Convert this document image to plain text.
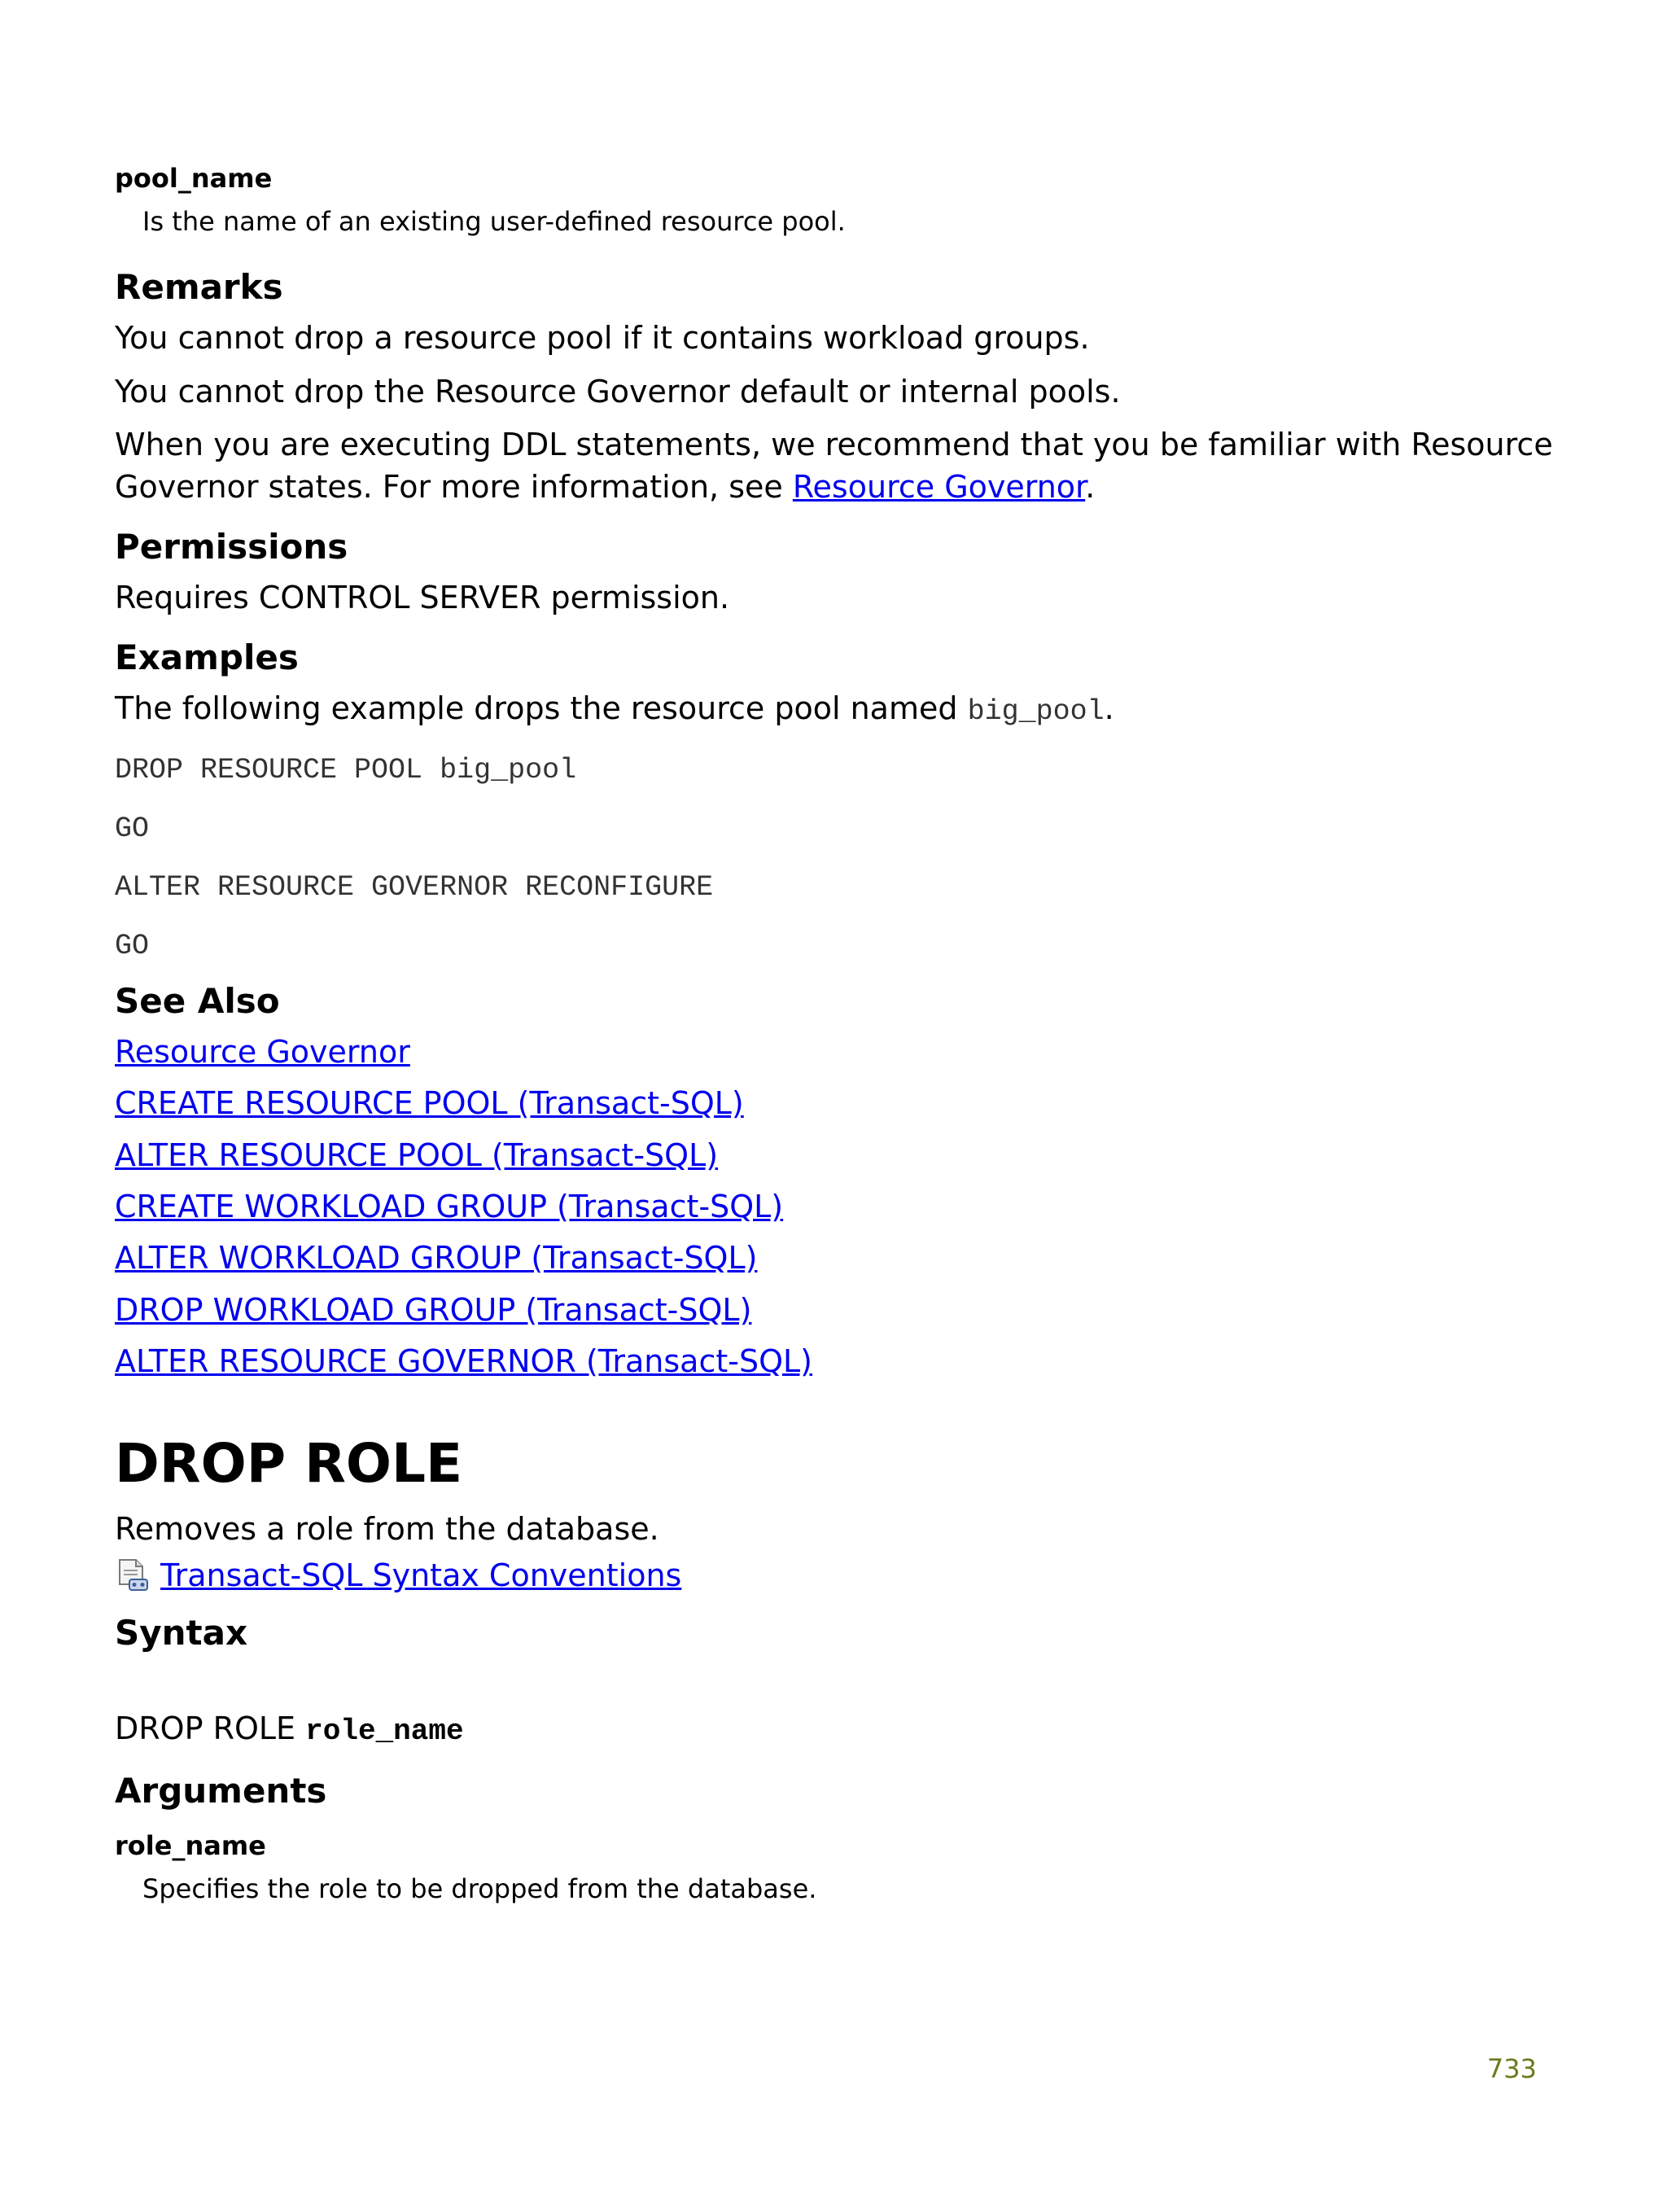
pool_name
Is the name of an existing user-defined resource pool.
Remarks

You cannot drop a resource pool if it contains workload groups.

You cannot drop the Resource Governor default or internal pools.

When you are executing DDL statements, we recommend that you be familiar with Resource Governor states. For more information, see Resource Governor.

Permissions

Requires CONTROL SERVER permission.

Examples

The following example drops the resource pool named big_pool.

DROP RESOURCE POOL big_pool
GO
ALTER RESOURCE GOVERNOR RECONFIGURE
GO
See Also
Resource Governor
CREATE RESOURCE POOL (Transact-SQL)
ALTER RESOURCE POOL (Transact-SQL)
CREATE WORKLOAD GROUP (Transact-SQL)
ALTER WORKLOAD GROUP (Transact-SQL)
DROP WORKLOAD GROUP (Transact-SQL)
ALTER RESOURCE GOVERNOR (Transact-SQL)
DROP ROLE

Removes a role from the database.

Transact-SQL Syntax Conventions
Syntax
DROP ROLE role_name
Arguments
role_name
Specifies the role to be dropped from the database.
733
